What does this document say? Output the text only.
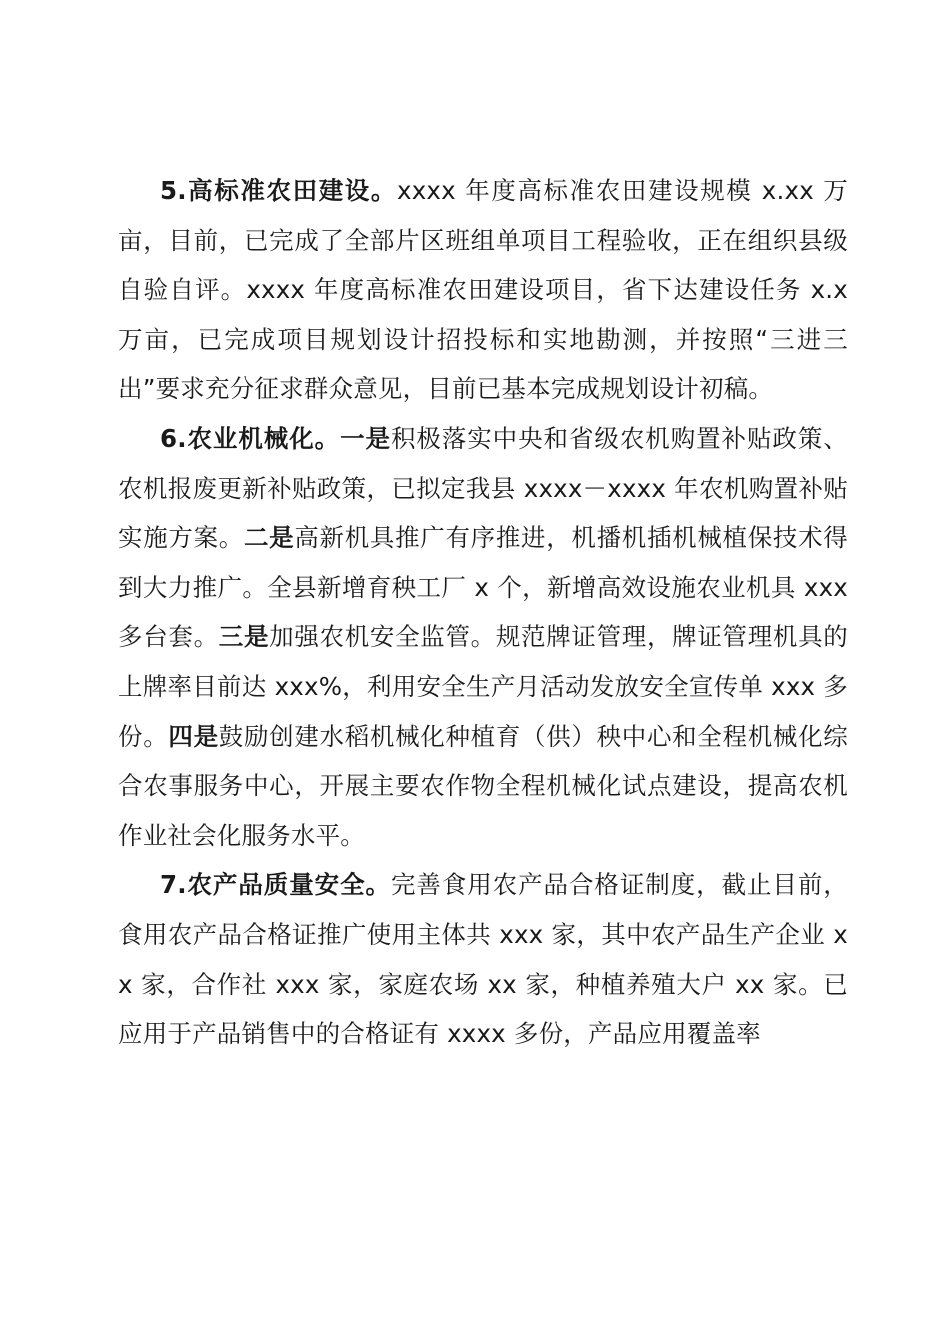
5.高标准农田建设。xxxx 年度高标准农田建设规模 x.xx 万亩，目前，已完成了全部片区班组单项目工程验收，正在组织县级自验自评。xxxx 年度高标准农田建设项目，省下达建设任务 x.x 万亩，已完成项目规划设计招投标和实地勘测，并按照“三进三出”要求充分征求群众意见，目前已基本完成规划设计初稿。

6.农业机械化。一是积极落实中央和省级农机购置补贴政策、农机报废更新补贴政策，已拟定我县 xxxx－xxxx 年农机购置补贴实施方案。二是高新机具推广有序推进，机播机插机械植保技术得到大力推广。全县新增育秧工厂 x 个，新增高效设施农业机具 xxx 多台套。三是加强农机安全监管。规范牌证管理，牌证管理机具的上牌率目前达 xxx%，利用安全生产月活动发放安全宣传单 xxx 多份。四是鼓励创建水稻机械化种植育（供）秧中心和全程机械化综合农事服务中心，开展主要农作物全程机械化试点建设，提高农机作业社会化服务水平。

7.农产品质量安全。完善食用农产品合格证制度，截止目前，食用农产品合格证推广使用主体共 xxx 家，其中农产品生产企业 xx 家，合作社 xxx 家，家庭农场 xx 家，种植养殖大户 xx 家。已应用于产品销售中的合格证有 xxxx 多份，产品应用覆盖率
